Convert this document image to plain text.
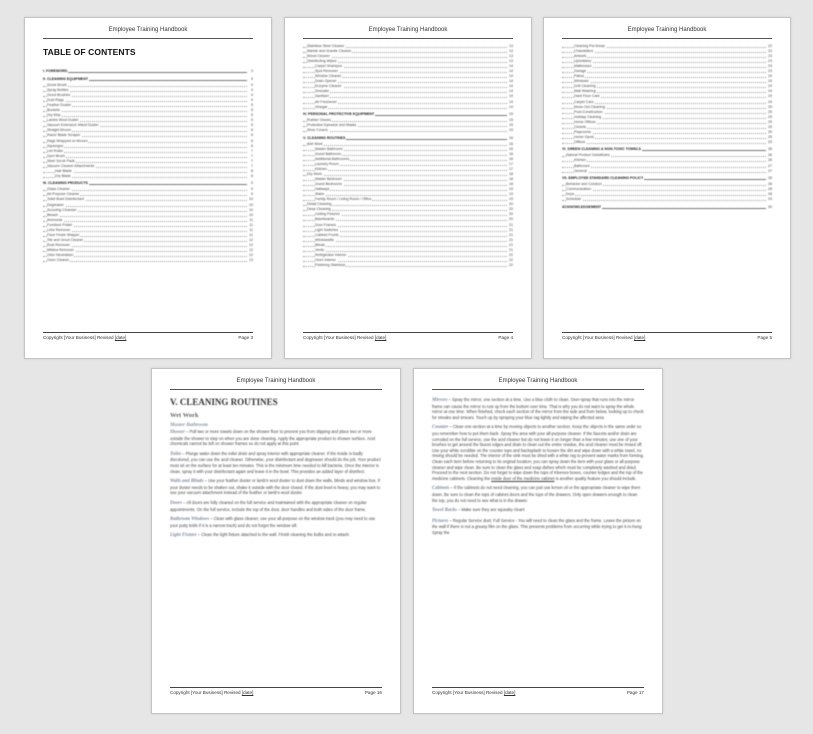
Employee Training Handbook
TABLE OF CONTENTS
I. FOREWORD	3
II. CLEANING EQUIPMENT	4
Scrub Brush	4
Spray Bottles	4
Grout Brushes	4
Dust Rags	4
Feather Duster	5
Buckets	5
Dry Mop	5
Lambs Wool Duster	5
Vacuum Extension Wand Duster	5
Straight Broom	6
Razor Blade Scraper	6
Rags Wrapped on Broom	6
Squeegee	6
Lint Roller	7
Gym Brush	7
Steel Scrub Pads	7
Vacuum Cleaner Attachments	7
Hair Blade	8
Dry Blade	8
III. CLEANING PRODUCTS	9
Glass Cleaner	9
All-Purpose Cleaner	9
Toilet Bowl Disinfectant	10
Degreaser	10
Scouring Cleanser	10
Bleach	10
Ammonia	11
Furniture Polish	11
Lime Remover	11
Floor Finish Stripper	11
Tile and Grout Cleaner	12
Rust Remover	12
Mildew Remover	12
Odor Neutralizer	12
Oven Cleaner	13
Copyright [Your Business] Revised [date]	Page 3
Employee Training Handbook
Stainless Steel Cleaner	13
Marble and Granite Cleaner	13
Wood Cleaner	13
Disinfecting Wipes	13
Carpet Shampoo	14
Spot Remover	14
Window Cleaner	14
Drain Opener	14
Enzyme Cleaner	14
Descaler	14
Sanitizer	14
Air Freshener	14
Vinegar	14
IV. PERSONAL PROTECTIVE EQUIPMENT	15
Rubber Gloves	15
Protective Eyewear and Masks	15
Shoe Covers	15
V. CLEANING ROUTINES	16
Wet Work	16
Master Bathroom	16
Guest Bathroom	16
Additional Bathrooms	16
Laundry Room	17
Kitchen	17
Dry Work	18
Master Bedroom	18
Guest Bedrooms	18
Hallways	19
Stairs	19
Family Room / Living Room / Office	19
Detail Cleaning	20
Deep Cleaning	20
Ceiling Fixtures	20
Baseboards	20
Door Frames	21
Light Switches	21
Cabinet Fronts	21
Windowsills	21
Blinds	21
Vents	21
Refrigerator Interior	22
Oven Interior	22
Polishing Stainless	22
Copyright [Your Business] Revised [date]	Page 4
Employee Training Handbook
Cleaning Pet Areas	22
Chandeliers	23
Artwork	23
Upholstery	23
Mattresses	23
Garage	23
Patios	24
Windows	24
Grill Cleaning	24
Wall Washing	24
Hard Floor Care	24
Carpet Care	24
Move-Out Cleaning	25
Post-Construction	25
Holiday Cleaning	25
Home Offices	25
Closets	25
Playrooms	25
Home Gyms	25
Offices	25
VI. GREEN CLEANING & NON-TOXIC TOWELS	26
Natural Product Substitutes	26
Kitchen	26
Bathroom	27
General	27
VII. EMPLOYEE STANDARD CLEANING POLICY	28
Behavior and Conduct	28
Communication	28
Keys	28
Schedule	29
ACKNOWLEDGEMENT	30
Copyright [Your Business] Revised [date]	Page 5
Employee Training Handbook
V. CLEANING ROUTINES
Wet Work
Master Bathroom

Shower – Pull two or more towels down on the shower floor to prevent you from slipping and place two or more outside the shower to step on when you are done cleaning. Apply the appropriate product to shower surface. Acid chemicals cannot be left on shower frames so do not apply at this point.

Toilet – Plunge water down the toilet drain and spray interior with appropriate cleaner. If the inside is badly discolored, you can use the acid cleaner. Otherwise, your disinfectant and degreaser should do the job. Your product must sit on the surface for at least ten minutes. This is the minimum time needed to kill bacteria. Once the interior is clean, spray it with your disinfectant again and leave it in the bowl. This provides an added layer of disinfect.

Walls and Blinds – Use your feather duster or lamb's wool duster to dust down the walls, blinds and window box. If your duster needs to be shaken out, shake it outside with the door closed. If the dust level is heavy, you may want to use your vacuum attachment instead of the feather or lamb's wool duster.

Doors – All doors are fully cleaned on the full service and maintained with the appropriate cleaner on regular appointments. On the full service, include the top of the door, door handles and both sides of the door frame.

Bathroom Windows – Clean with glass cleaner; use your all-purpose on the window track (you may need to use your putty knife if it is a narrow track) and do not forget the window sill.

Light Fixture – Clean the light fixture attached to the wall. Finish cleaning the bulbs and re-attach.

Copyright [Your Business] Revised [date]	Page 16
Employee Training Handbook

Mirrors – Spray the mirror, one section at a time. Use a blue cloth to clean. Over-spray that runs into the mirror frame can cause the mirror to rust up from the bottom over time. That is why you do not want to spray the whole mirror at one time. When finished, check each section of the mirror from the side and from below, looking up to check for streaks and smears. Touch up by spraying your blue rag lightly and wiping the affected area.

Counter – Clean one section at a time by moving objects to another section. Keep the objects in the same order so you remember how to put them back. Spray the area with your all-purpose cleaner. If the faucets and/or drain are corroded on the full service, use the acid cleaner but do not leave it on longer than a few minutes; use one of your brushes to get around the faucet edges and drain to clean out the entire residue, the acid cleaner must be rinsed off. Use your white scrubbie on the counter tops and backsplash to loosen the dirt and wipe down with a white towel, no rinsing should be needed. The interior of the sink must be dried with a white rag to prevent water marks from forming. Clean each item before returning to its original location; you can spray down the item with your glass or all-purpose cleaner and wipe clean. Be sure to clean the glass and soap dishes which must be completely washed and dried. Proceed to the next section. Do not forget to wipe down the tops of Kleenex boxes, counter ledges and the top of the medicine cabinets. Cleaning the inside door of the medicine cabinet is another quality feature you should include.

Cabinets – If the cabinets do not need cleaning, you can just use lemon oil or the appropriate cleaner to wipe them down. Be sure to clean the tops of cabinet doors and the tops of the drawers. Only open drawers enough to clean the top, you do not need to see what is in the drawer.

Towel Racks – Make sure they are squeaky clean!

Pictures – Regular Service dust; Full Service - You will need to clean the glass and the frame. Leave the picture on the wall if there is not a greasy film on the glass. This prevents problems from occurring while trying to get it re-hung. Spray the

Copyright [Your Business] Revised [date]	Page 17
